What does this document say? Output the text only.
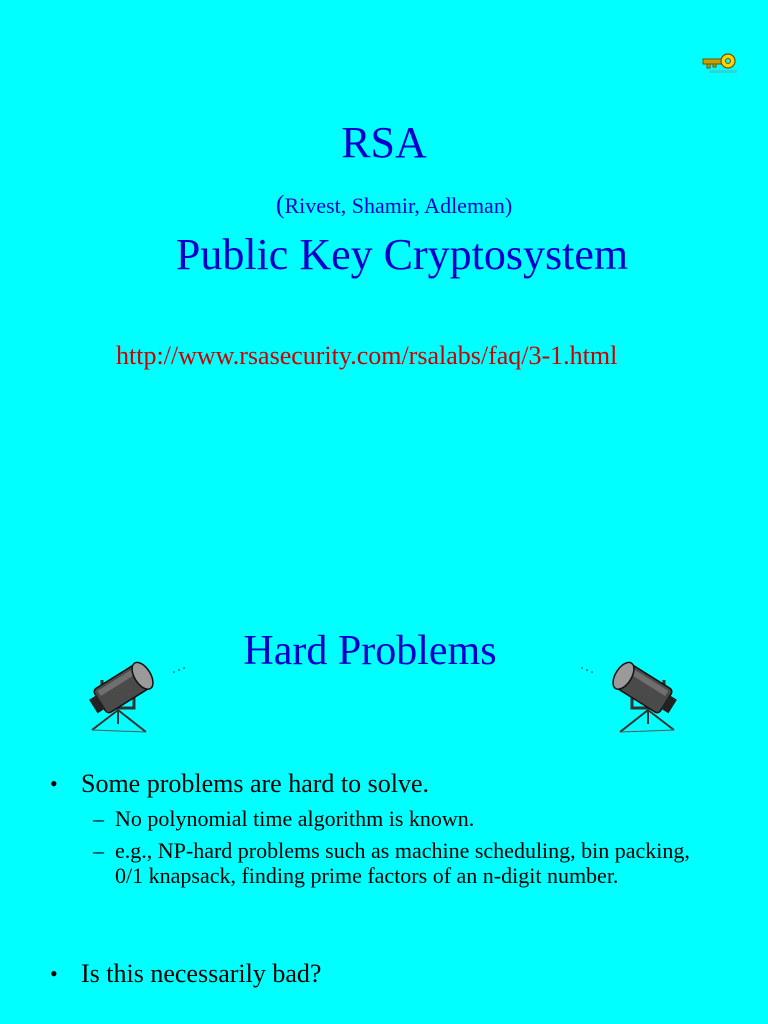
RSA
(Rivest, Shamir, Adleman)
Public Key Cryptosystem
http://www.rsasecurity.com/rsalabs/faq/3-1.html
Hard Problems
• Some problems are hard to solve.
– No polynomial time algorithm is known.
– e.g., NP-hard problems such as machine scheduling, bin packing, 0/1 knapsack, finding prime factors of an n-digit number.
• Is this necessarily bad?
